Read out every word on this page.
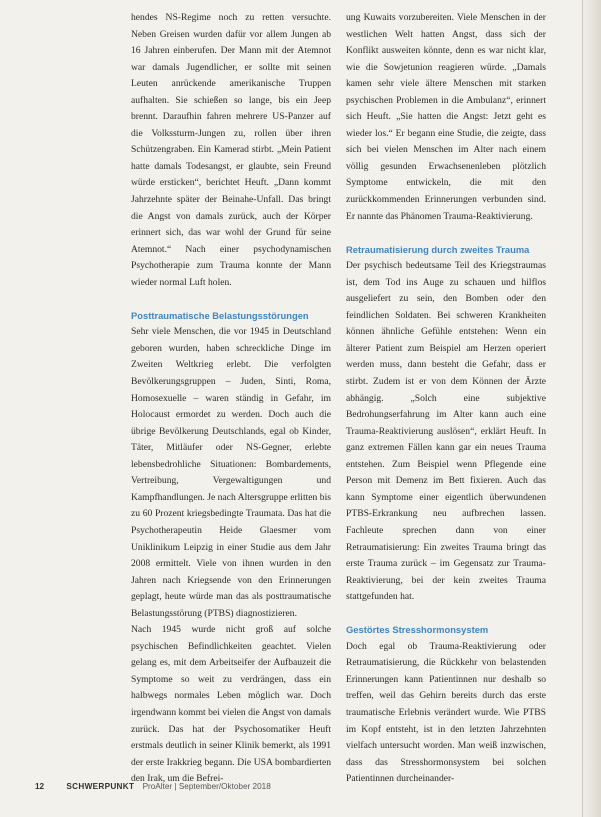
hendes NS-Regime noch zu retten versuchte. Neben Greisen wurden dafür vor allem Jungen ab 16 Jahren einberufen. Der Mann mit der Atemnot war damals Jugendlicher, er sollte mit seinen Leuten anrückende amerikanische Truppen aufhalten. Sie schießen so lange, bis ein Jeep brennt. Daraufhin fahren mehrere US-Panzer auf die Volkssturm-Jungen zu, rollen über ihren Schützengraben. Ein Kamerad stirbt. „Mein Patient hatte damals Todesangst, er glaubte, sein Freund würde ersticken“, berichtet Heuft. „Dann kommt Jahrzehnte später der Beinahe-Unfall. Das bringt die Angst von damals zurück, auch der Körper erinnert sich, das war wohl der Grund für seine Atemnot.“ Nach einer psychodynamischen Psychotherapie zum Trauma konnte der Mann wieder normal Luft holen.

Posttraumatische Belastungsstörungen

Sehr viele Menschen, die vor 1945 in Deutschland geboren wurden, haben schreckliche Dinge im Zweiten Weltkrieg erlebt. Die verfolgten Bevölkerungsgruppen – Juden, Sinti, Roma, Homosexuelle – waren ständig in Gefahr, im Holocaust ermordet zu werden. Doch auch die übrige Bevölkerung Deutschlands, egal ob Kinder, Täter, Mitläufer oder NS-Gegner, erlebte lebensbedrohliche Situationen: Bombardements, Vertreibung, Vergewaltigungen und Kampfhandlungen. Je nach Altersgruppe erlitten bis zu 60 Prozent kriegsbedingte Traumata. Das hat die Psychotherapeutin Heide Glaesmer vom Uniklinikum Leipzig in einer Studie aus dem Jahr 2008 ermittelt. Viele von ihnen wurden in den Jahren nach Kriegsende von den Erinnerungen geplagt, heute würde man das als posttraumatische Belastungsstörung (PTBS) diagnostizieren.

Nach 1945 wurde nicht groß auf solche psychischen Befindlichkeiten geachtet. Vielen gelang es, mit dem Arbeitseifer der Aufbauzeit die Symptome so weit zu verdrängen, dass ein halbwegs normales Leben möglich war. Doch irgendwann kommt bei vielen die Angst von damals zurück. Das hat der Psychosomatiker Heuft erstmals deutlich in seiner Klinik bemerkt, als 1991 der erste Irakkrieg begann. Die USA bombardierten den Irak, um die Befrei-

ung Kuwaits vorzubereiten. Viele Menschen in der westlichen Welt hatten Angst, dass sich der Konflikt ausweiten könnte, denn es war nicht klar, wie die Sowjetunion reagieren würde. „Damals kamen sehr viele ältere Menschen mit starken psychischen Problemen in die Ambulanz“, erinnert sich Heuft. „Sie hatten die Angst: Jetzt geht es wieder los.“ Er begann eine Studie, die zeigte, dass sich bei vielen Menschen im Alter nach einem völlig gesunden Erwachsenenleben plötzlich Symptome entwickeln, die mit den zurückkommenden Erinnerungen verbunden sind. Er nannte das Phänomen Trauma-Reaktivierung.

Retraumatisierung durch zweites Trauma

Der psychisch bedeutsame Teil des Kriegstraumas ist, dem Tod ins Auge zu schauen und hilflos ausgeliefert zu sein, den Bomben oder den feindlichen Soldaten. Bei schweren Krankheiten können ähnliche Gefühle entstehen: Wenn ein älterer Patient zum Beispiel am Herzen operiert werden muss, dann besteht die Gefahr, dass er stirbt. Zudem ist er von dem Können der Ärzte abhängig. „Solch eine subjektive Bedrohungserfahrung im Alter kann auch eine Trauma-Reaktivierung auslösen“, erklärt Heuft. In ganz extremen Fällen kann gar ein neues Trauma entstehen. Zum Beispiel wenn Pflegende eine Person mit Demenz im Bett fixieren. Auch das kann Symptome einer eigentlich überwundenen PTBS-Erkrankung neu aufbrechen lassen. Fachleute sprechen dann von einer Retraumatisierung: Ein zweites Trauma bringt das erste Trauma zurück – im Gegensatz zur Trauma-Reaktivierung, bei der kein zweites Trauma stattgefunden hat.

Gestörtes Stresshormonsystem

Doch egal ob Trauma-Reaktivierung oder Retraumatisierung, die Rückkehr von belastenden Erinnerungen kann Patientinnen nur deshalb so treffen, weil das Gehirn bereits durch das erste traumatische Erlebnis verändert wurde. Wie PTBS im Kopf entsteht, ist in den letzten Jahrzehnten vielfach untersucht worden. Man weiß inzwischen, dass das Stresshormonsystem bei solchen Patientinnen durcheinander-

12	SCHWERPUNKT ProAlter | September/Oktober 2018
